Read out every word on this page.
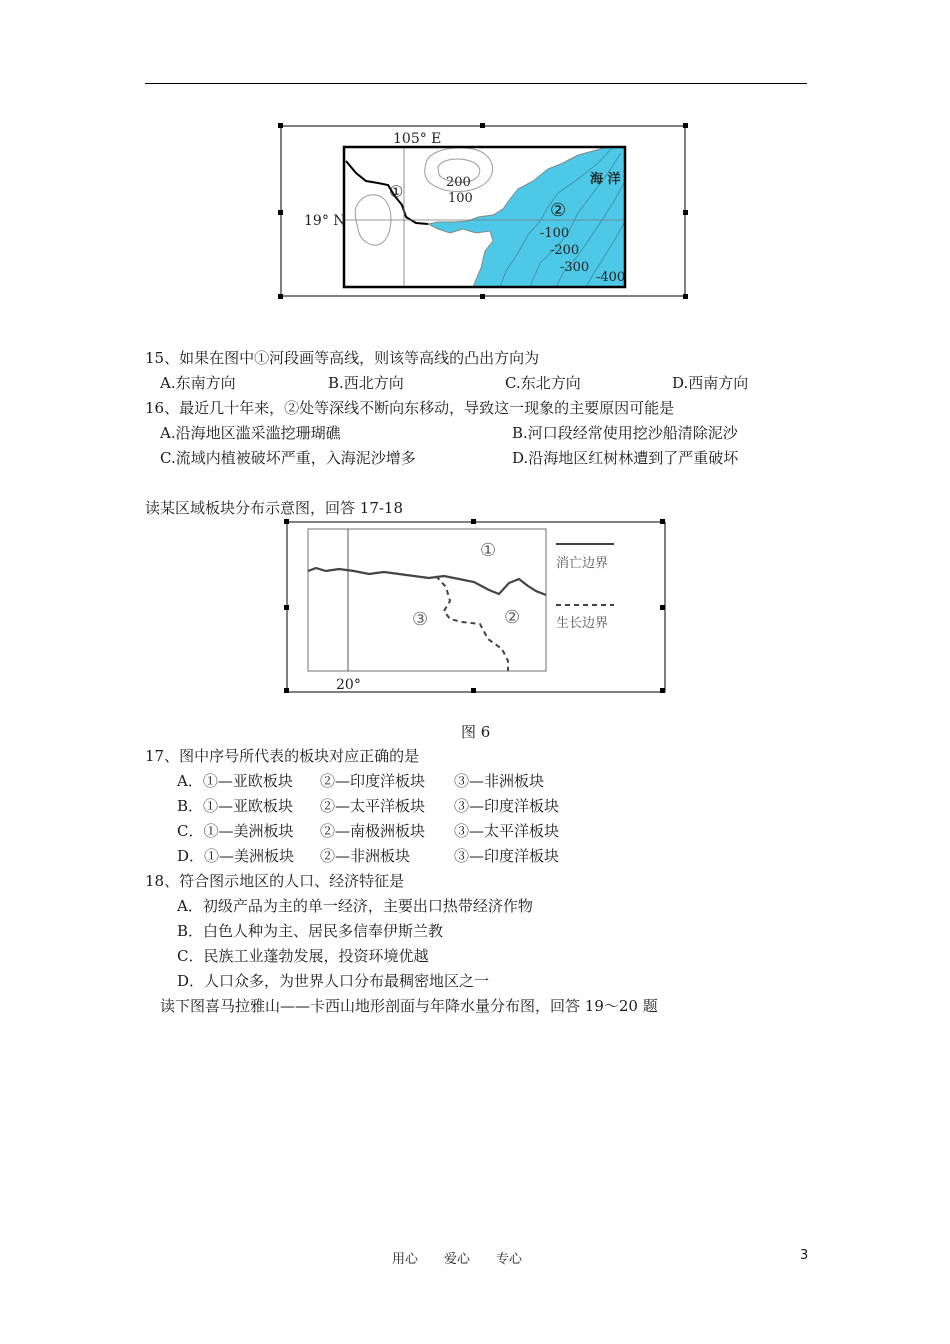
105° E
19° N
①
②
海 洋
200
100
-100
-200
-300
-400
15、如果在图中①河段画等高线，则该等高线的凸出方向为
A.东南方向	B.西北方向	C.东北方向	D.西南方向
16、最近几十年来，②处等深线不断向东移动，导致这一现象的主要原因可能是
A.沿海地区滥采滥挖珊瑚礁	B.河口段经常使用挖沙船清除泥沙
C.流域内植被破坏严重，入海泥沙增多	D.沿海地区红树林遭到了严重破坏
读某区域板块分布示意图，回答 17-18
消亡边界
生长边界
①
②
③
20°
图 6
17、图中序号所代表的板块对应正确的是
A．①—亚欧板块 ②—印度洋板块 ③—非洲板块
B．①—亚欧板块 ②—太平洋板块 ③—印度洋板块
C．①—美洲板块 ②—南极洲板块 ③—太平洋板块
D．①—美洲板块 ②—非洲板块	③—印度洋板块
18、符合图示地区的人口、经济特征是
A．初级产品为主的单一经济，主要出口热带经济作物
B．白色人种为主、居民多信奉伊斯兰教
C．民族工业蓬勃发展，投资环境优越
D．人口众多，为世界人口分布最稠密地区之一
读下图喜马拉雅山——卡西山地形剖面与年降水量分布图，回答 19～20 题
用心　　爱心　　专心	3
